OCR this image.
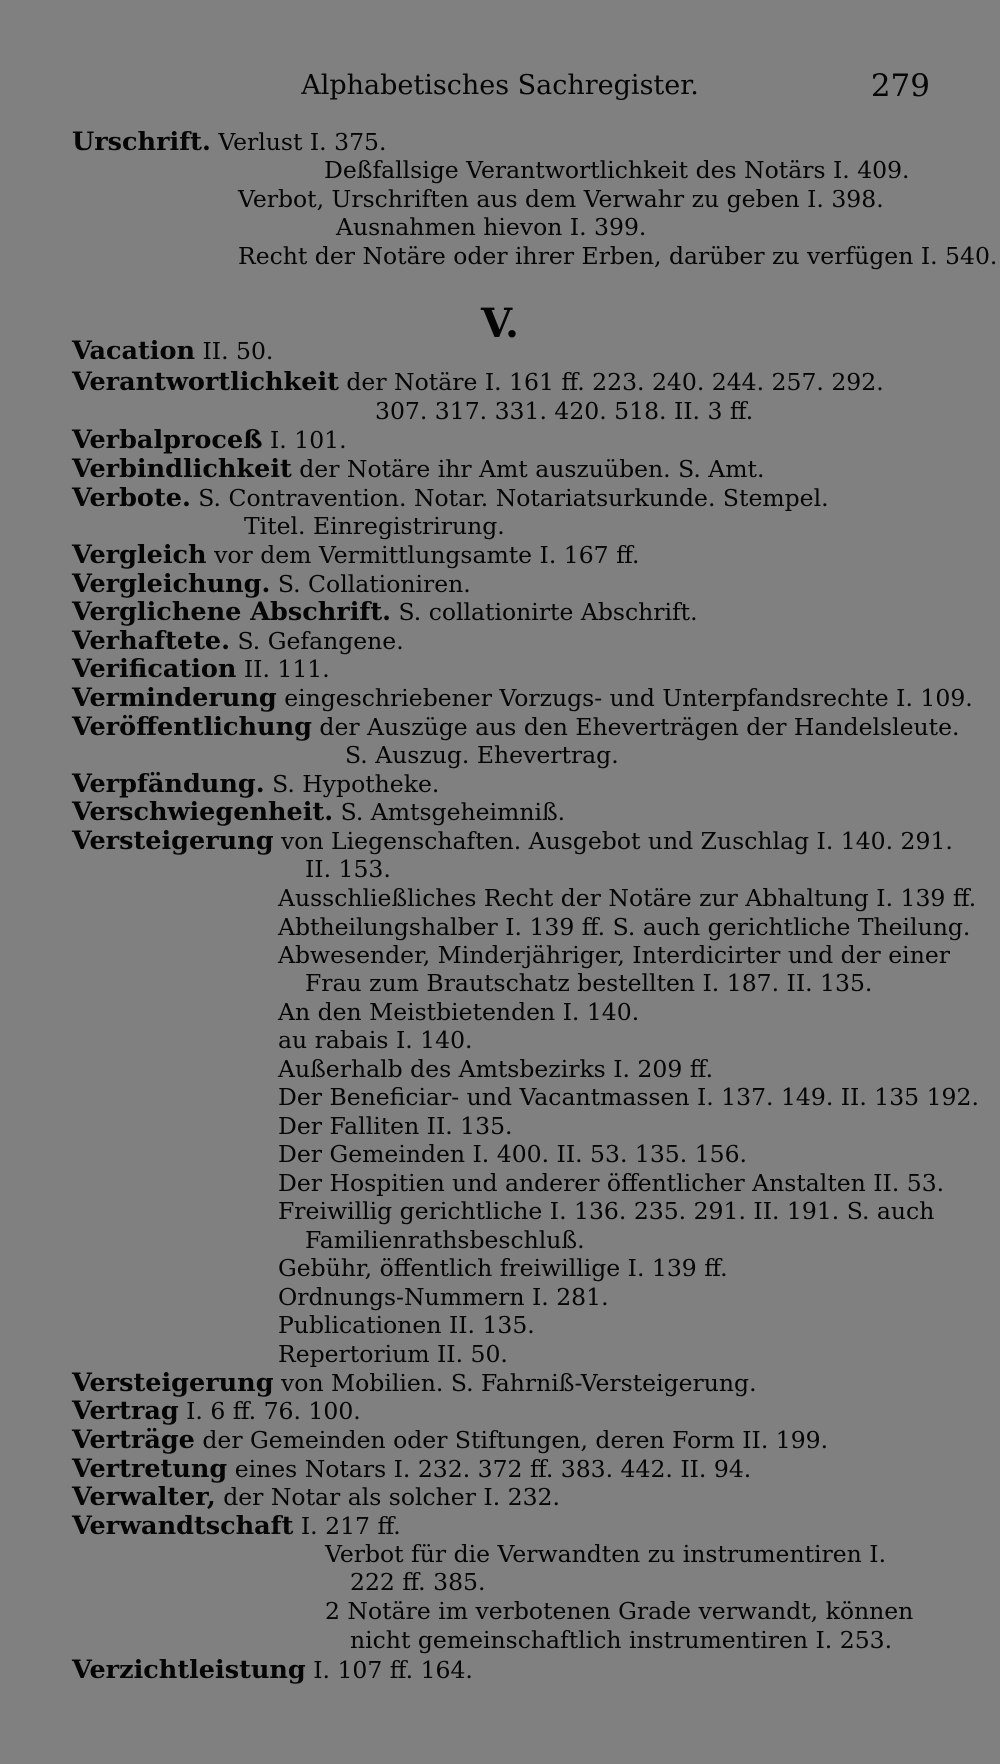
Alphabetisches Sachregister.	279
V.
Urschrift. Verlust I. 375.
Deßfallsige Verantwortlichkeit des Notärs I. 409.
Verbot, Urschriften aus dem Verwahr zu geben I. 398.
Ausnahmen hievon I. 399.
Recht der Notäre oder ihrer Erben, darüber zu verfügen I. 540.
Vacation II. 50.
Verantwortlichkeit der Notäre I. 161 ff. 223. 240. 244. 257. 292.
307. 317. 331. 420. 518. II. 3 ff.
Verbalproceß I. 101.
Verbindlichkeit der Notäre ihr Amt auszuüben. S. Amt.
Verbote. S. Contravention. Notar. Notariatsurkunde. Stempel.
Titel. Einregistrirung.
Vergleich vor dem Vermittlungsamte I. 167 ff.
Vergleichung. S. Collationiren.
Verglichene Abschrift. S. collationirte Abschrift.
Verhaftete. S. Gefangene.
Verification II. 111.
Verminderung eingeschriebener Vorzugs- und Unterpfandsrechte I. 109.
Veröffentlichung der Auszüge aus den Eheverträgen der Handelsleute.
S. Auszug. Ehevertrag.
Verpfändung. S. Hypotheke.
Verschwiegenheit. S. Amtsgeheimniß.
Versteigerung von Liegenschaften. Ausgebot und Zuschlag I. 140. 291.
II. 153.
Ausschließliches Recht der Notäre zur Abhaltung I. 139 ff.
Abtheilungshalber I. 139 ff. S. auch gerichtliche Theilung.
Abwesender, Minderjähriger, Interdicirter und der einer
Frau zum Brautschatz bestellten I. 187. II. 135.
An den Meistbietenden I. 140.
au rabais I. 140.
Außerhalb des Amtsbezirks I. 209 ff.
Der Beneficiar- und Vacantmassen I. 137. 149. II. 135 192.
Der Falliten II. 135.
Der Gemeinden I. 400. II. 53. 135. 156.
Der Hospitien und anderer öffentlicher Anstalten II. 53.
Freiwillig gerichtliche I. 136. 235. 291. II. 191. S. auch
Familienrathsbeschluß.
Gebühr, öffentlich freiwillige I. 139 ff.
Ordnungs-Nummern I. 281.
Publicationen II. 135.
Repertorium II. 50.
Versteigerung von Mobilien. S. Fahrniß-Versteigerung.
Vertrag I. 6 ff. 76. 100.
Verträge der Gemeinden oder Stiftungen, deren Form II. 199.
Vertretung eines Notars I. 232. 372 ff. 383. 442. II. 94.
Verwalter, der Notar als solcher I. 232.
Verwandtschaft I. 217 ff.
Verbot für die Verwandten zu instrumentiren I.
222 ff. 385.
2 Notäre im verbotenen Grade verwandt, können
nicht gemeinschaftlich instrumentiren I. 253.
Verzichtleistung I. 107 ff. 164.
